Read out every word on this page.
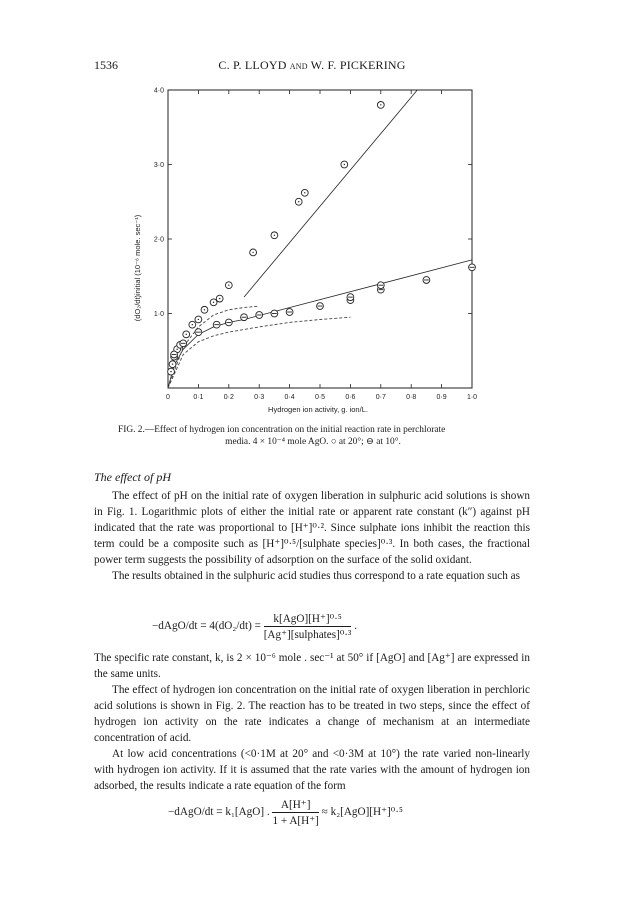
1536	C. P. LLOYD and W. F. PICKERING
0	0·1	0·2	0·3	0·4	0·5	0·6	0·7	0·8	0·9	1·0
1·0
2·0
3·0
4·0
Hydrogen ion activity, g. ion/L.
(dO₂/dt)initial (10⁻⁶ mole. sec⁻¹)
FIG. 2.—Effect of hydrogen ion concentration on the initial reaction rate in perchlorate
media. 4 × 10⁻⁴ mole AgO. ○ at 20°; ⊖ at 10°.
The effect of pH

The effect of pH on the initial rate of oxygen liberation in sulphuric acid solutions is shown in Fig. 1. Logarithmic plots of either the initial rate or apparent rate constant (k″) against pH indicated that the rate was proportional to [H⁺]⁰·². Since sulphate ions inhibit the reaction this term could be a composite such as [H⁺]⁰·⁵/[sulphate species]⁰·³. In both cases, the fractional power term suggests the possibility of adsorption on the surface of the solid oxidant.

The results obtained in the sulphuric acid studies thus correspond to a rate equation such as

−dAgO/dt = $4(dO_2/dt) = \frac{\text{k[AgO][H⁺]⁰·⁵}}{\text{[Ag⁺][sulphates]⁰·³}}$ .

The specific rate constant, k, is 2 × 10⁻⁶ mole . sec⁻¹ at 50° if [AgO] and [Ag⁺] are expressed in the same units.

The effect of hydrogen ion concentration on the initial rate of oxygen liberation in perchloric acid solutions is shown in Fig. 2. The reaction has to be treated in two steps, since the effect of hydrogen ion activity on the rate indicates a change of mechanism at an intermediate concentration of acid.

At low acid concentrations (<0·1M at 20° and <0·3M at 10°) the rate varied non-linearly with hydrogen ion activity. If it is assumed that the rate varies with the amount of hydrogen ion adsorbed, the results indicate a rate equation of the form

−dAgO/dt = k₁[AgO] . $\frac{A[H^+]}{1 + A[H^+]} \approx k_2[AgO][H^+]^0\cdot^5$
